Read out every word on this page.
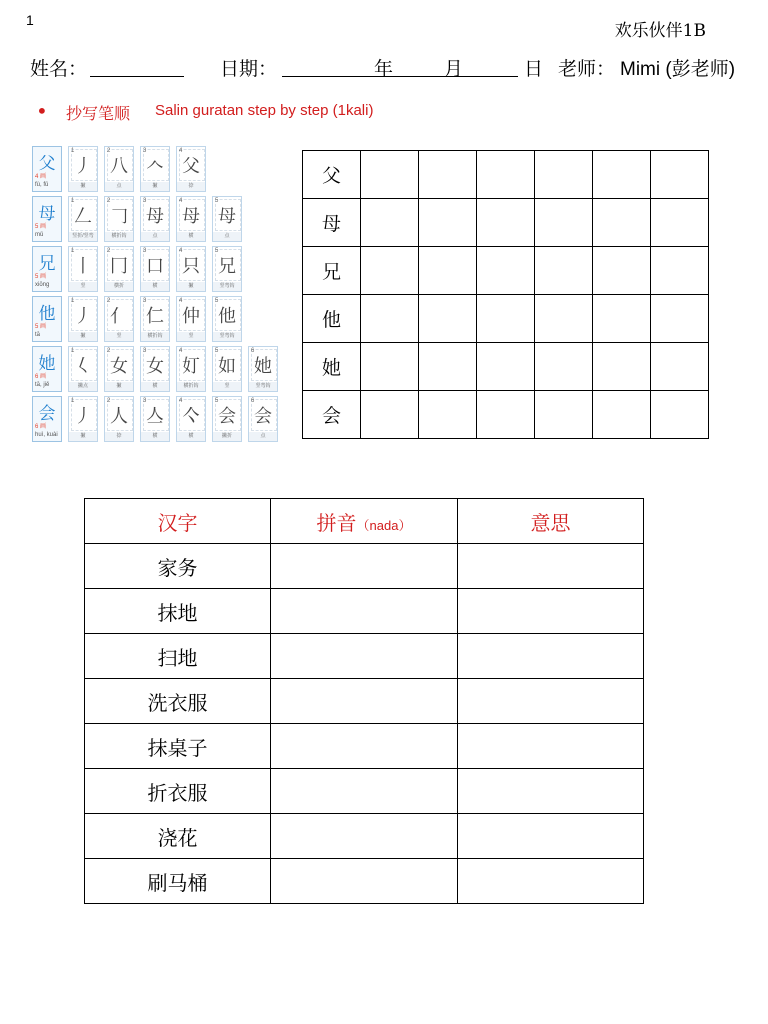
1
欢乐伙伴1B
姓名：	日期：	年	月	日 老师： Mimi (彭老师)
• 抄写笔顺 Salin guratan step by step (1kali)
父
4 画
fù, fǔ
1
丿
撇
2
八
点
3
𠆢
撇
4
父
捺
母
5 画
mǔ
1
𠃋
竖折/竖弯
2
𠃌
横折钩
3
母
点
4
母
横
5
母
点
兄
5 画
xiōng
1
丨
竖
2
冂
横折
3
口
横
4
只
撇
5
兄
竖弯钩
他
5 画
tā
1
丿
撇
2
亻
竖
3
仁
横折钩
4
仲
竖
5
他
竖弯钩
她
6 画
tā, jiě
1
𡿨
撇点
2
女
撇
3
女
横
4
奵
横折钩
5
如
竖
6
她
竖弯钩
会
6 画
huì, kuài
1
丿
撇
2
人
捺
3
亼
横
4
亽
横
5
会
撇折
6
会
点
父						
母						
兄						
他						
她						
会						
汉字	拼音（nada）	意思
家务		
抹地		
扫地		
洗衣服		
抹桌子		
折衣服		
浇花		
刷马桶		
